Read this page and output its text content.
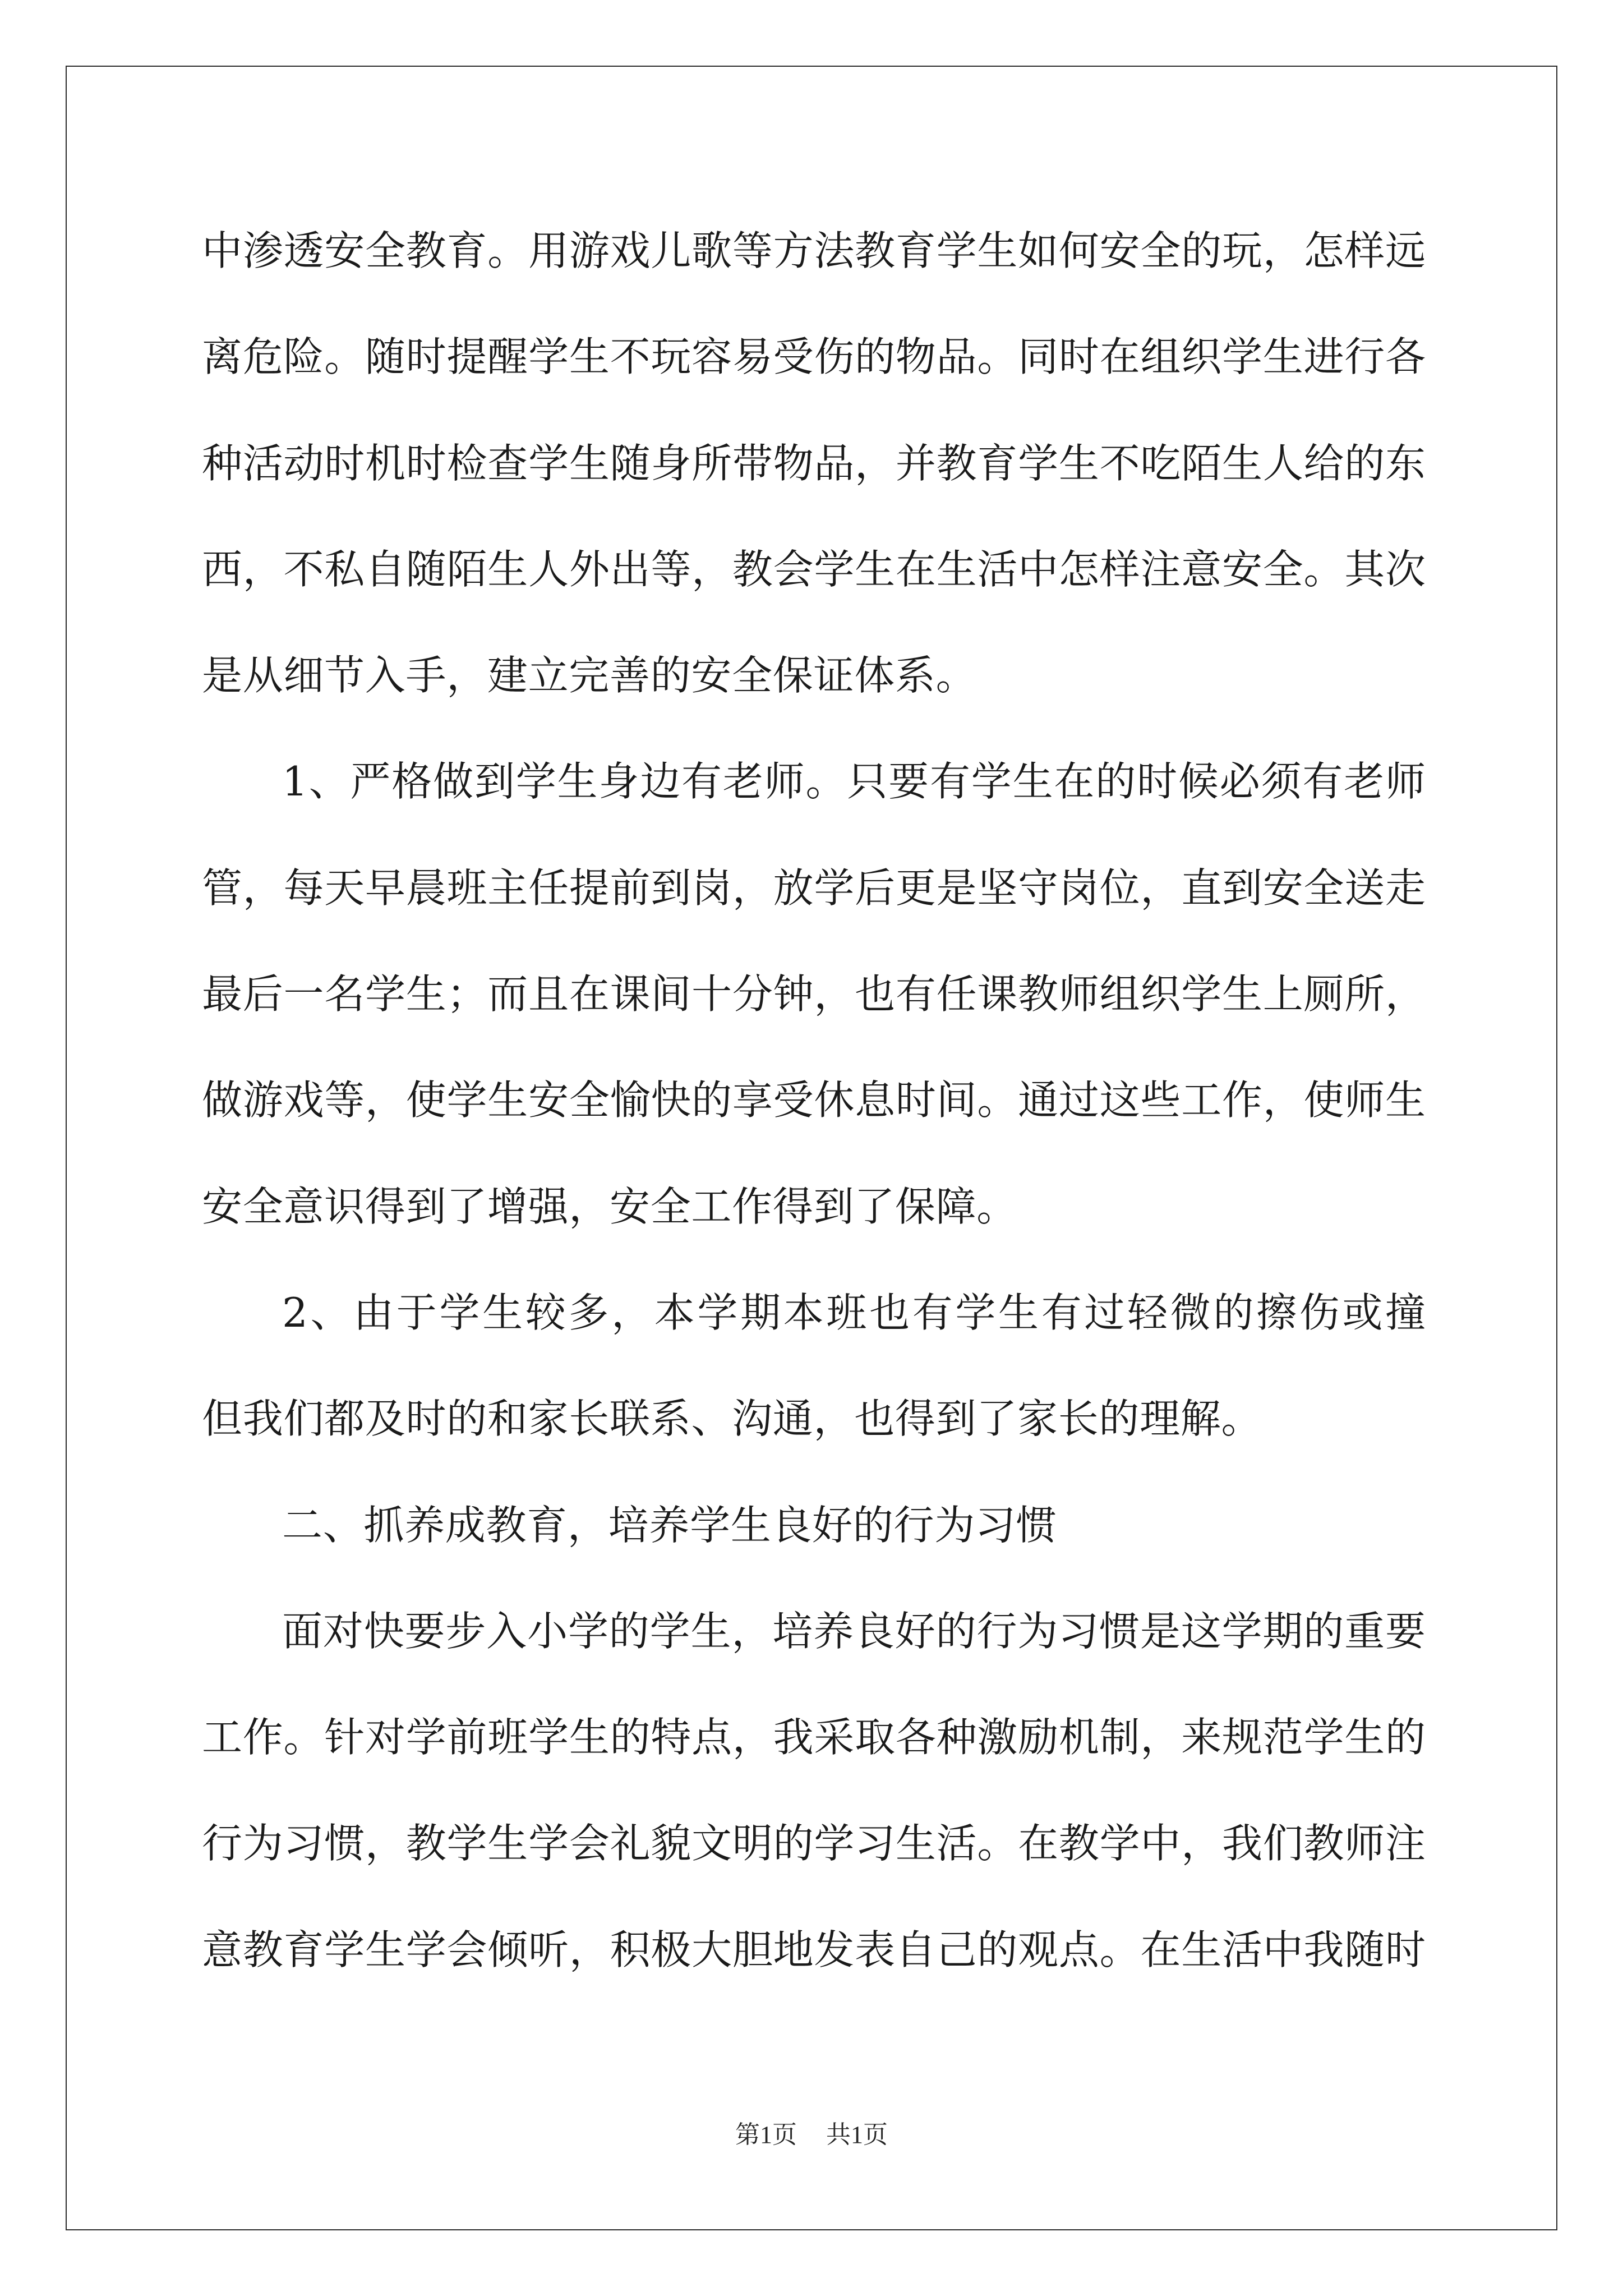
中渗透安全教育。用游戏儿歌等方法教育学生如何安全的玩，怎样远
离危险。随时提醒学生不玩容易受伤的物品。同时在组织学生进行各
种活动时机时检查学生随身所带物品，并教育学生不吃陌生人给的东
西，不私自随陌生人外出等，教会学生在生活中怎样注意安全。其次
是从细节入手，建立完善的安全保证体系。
1、严格做到学生身边有老师。只要有学生在的时候必须有老师
管，每天早晨班主任提前到岗，放学后更是坚守岗位，直到安全送走
最后一名学生；而且在课间十分钟，也有任课教师组织学生上厕所，
做游戏等，使学生安全愉快的享受休息时间。通过这些工作，使师生
安全意识得到了增强，安全工作得到了保障。
2、由于学生较多，本学期本班也有学生有过轻微的擦伤或撞
但我们都及时的和家长联系、沟通，也得到了家长的理解。
二、抓养成教育，培养学生良好的行为习惯
面对快要步入小学的学生，培养良好的行为习惯是这学期的重要
工作。针对学前班学生的特点，我采取各种激励机制，来规范学生的
行为习惯，教学生学会礼貌文明的学习生活。在教学中，我们教师注
意教育学生学会倾听，积极大胆地发表自己的观点。在生活中我随时
第1页 共1页
